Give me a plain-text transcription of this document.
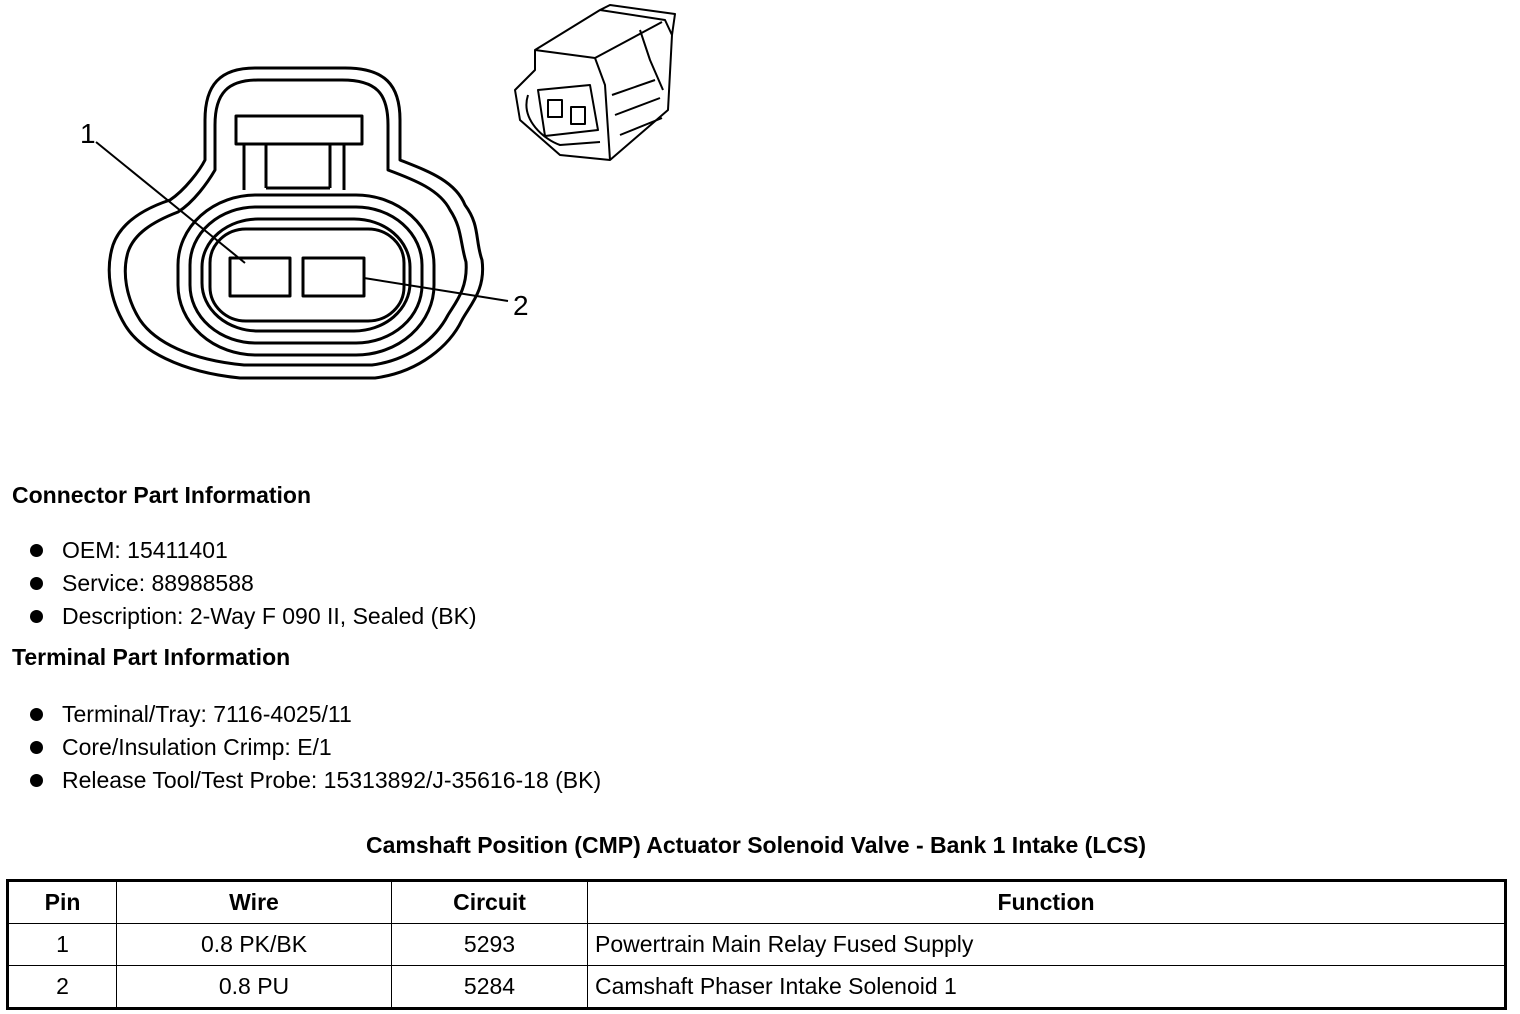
1
2
Connector Part Information
OEM: 15411401
Service: 88988588
Description: 2-Way F 090 II, Sealed (BK)
Terminal Part Information
Terminal/Tray: 7116-4025/11
Core/Insulation Crimp: E/1
Release Tool/Test Probe: 15313892/J-35616-18 (BK)
Camshaft Position (CMP) Actuator Solenoid Valve - Bank 1 Intake (LCS)
Pin	Wire	Circuit	Function
1	0.8 PK/BK	5293	Powertrain Main Relay Fused Supply
2	0.8 PU	5284	Camshaft Phaser Intake Solenoid 1
